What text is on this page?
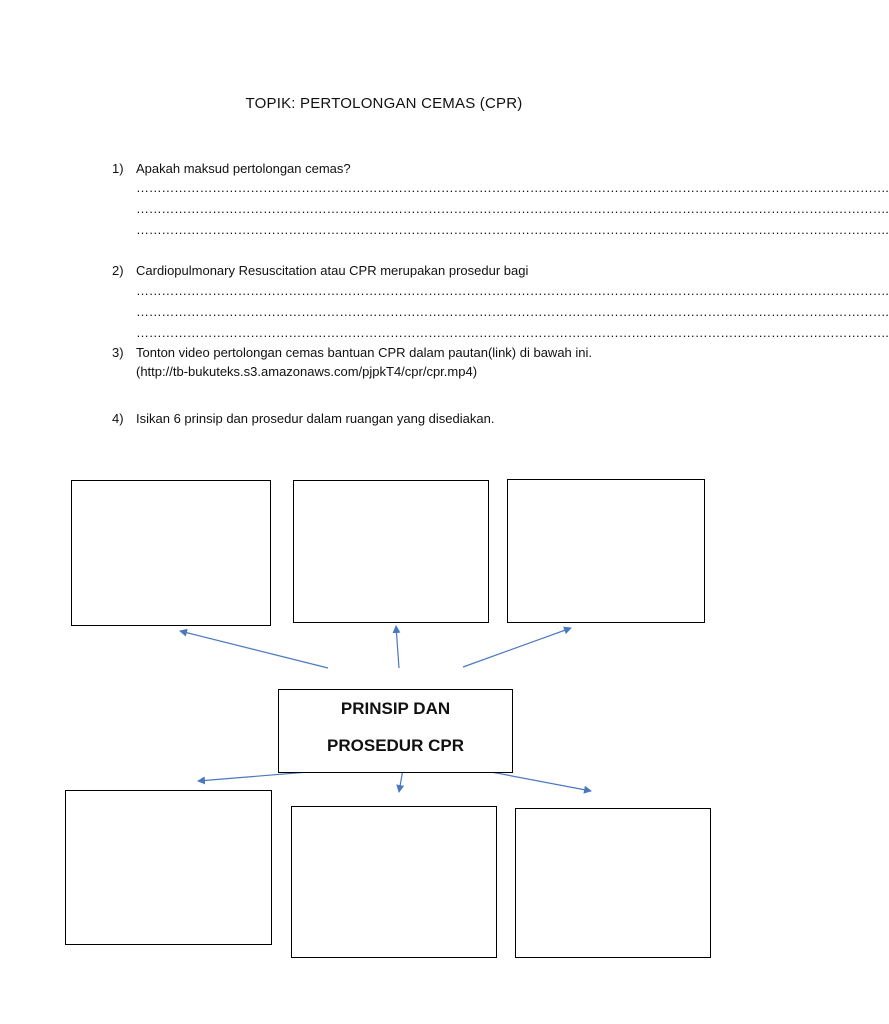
TOPIK: PERTOLONGAN CEMAS (CPR)
1) Apakah maksud pertolongan cemas?
…………………………………………………………………………………………………………………………………………………………….
…………………………………………………………………………………………………………………………………………………………….
…………………………………………………………………………………………………………………………………………………………….
2) Cardiopulmonary Resuscitation atau CPR merupakan prosedur bagi
…………………………………………………………………………………………………………………………………………………………….
…………………………………………………………………………………………………………………………………………………………….
…………………………………………………………………………………………………………………………………………………………….
3) Tonton video pertolongan cemas bantuan CPR dalam pautan(link) di bawah ini.
(http://tb-bukuteks.s3.amazonaws.com/pjpkT4/cpr/cpr.mp4)
4) Isikan 6 prinsip dan prosedur dalam ruangan yang disediakan.
PRINSIP DAN
PROSEDUR CPR
